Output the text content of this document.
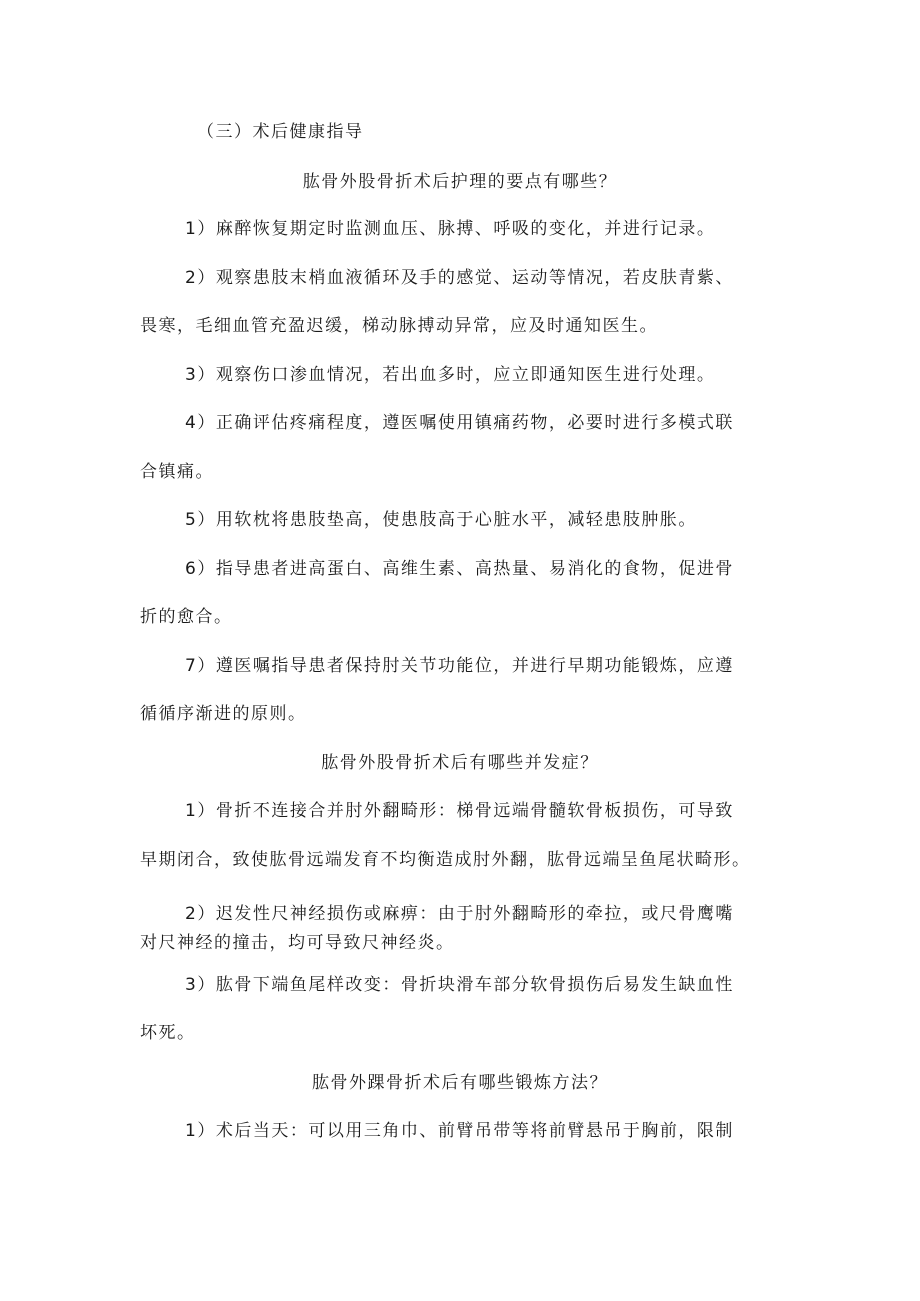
（三）术后健康指导
肱骨外股骨折术后护理的要点有哪些？
1）麻醉恢复期定时监测血压、脉搏、呼吸的变化，并进行记录。
2）观察患肢末梢血液循环及手的感觉、运动等情况，若皮肤青紫、
畏寒，毛细血管充盈迟缓，梯动脉搏动异常，应及时通知医生。
3）观察伤口渗血情况，若出血多时，应立即通知医生进行处理。
4）正确评估疼痛程度，遵医嘱使用镇痛药物，必要时进行多模式联
合镇痛。
5）用软枕将患肢垫高，使患肢高于心脏水平，减轻患肢肿胀。
6）指导患者进高蛋白、高维生素、高热量、易消化的食物，促进骨
折的愈合。
7）遵医嘱指导患者保持肘关节功能位，并进行早期功能锻炼，应遵
循循序渐进的原则。
肱骨外股骨折术后有哪些并发症？
1）骨折不连接合并肘外翻畸形：梯骨远端骨髓软骨板损伤，可导致
早期闭合，致使肱骨远端发育不均衡造成肘外翻，肱骨远端呈鱼尾状畸形。
2）迟发性尺神经损伤或麻痹：由于肘外翻畸形的牵拉，或尺骨鹰嘴
对尺神经的撞击，均可导致尺神经炎。
3）肱骨下端鱼尾样改变：骨折块滑车部分软骨损伤后易发生缺血性
坏死。
肱骨外踝骨折术后有哪些锻炼方法？
1）术后当天：可以用三角巾、前臂吊带等将前臂悬吊于胸前，限制
